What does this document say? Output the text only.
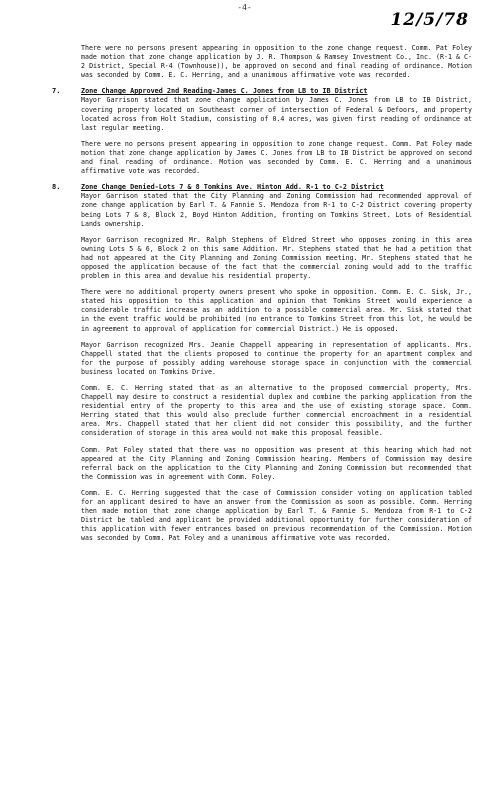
-4-
12/5/78

There were no persons present appearing in opposition to the zone change request. Comm. Pat Foley made motion that zone change application by J. R. Thompson & Ramsey Investment Co., Inc. (R-1 & C-2 District, Special R-4 (Townhouse)), be approved on second and final reading of ordinance. Motion was seconded by Comm. E. C. Herring, and a unanimous affirmative vote was recorded.

7.	Zone Change Approved 2nd Reading-James C. Jones from LB to IB District

Mayor Garrison stated that zone change application by James C. Jones from LB to IB District, covering property located on Southeast corner of intersection of Federal & Defoors, and property located across from Holt Stadium, consisting of 0.4 acres, was given first reading of ordinance at last regular meeting.

There were no persons present appearing in opposition to zone change request. Comm. Pat Foley made motion that zone change application by James C. Jones from LB to IB District be approved on second and final reading of ordinance. Motion was seconded by Comm. E. C. Herring and a unanimous affirmative vote was recorded.

8.	Zone Change Denied-Lots 7 & 8 Tomkins Ave. Hinton Add. R-1 to C-2 District

Mayor Garrison stated that the City Planning and Zoning Commission had recommended approval of zone change application by Earl T. & Fannie S. Mendoza from R-1 to C-2 District covering property being Lots 7 & 8, Block 2, Boyd Hinton Addition, fronting on Tomkins Street. Lots of Residential Lands ownership.

Mayor Garrison recognized Mr. Ralph Stephens of Eldred Street who opposes zoning in this area owning Lots 5 & 6, Block 2 on this same Addition. Mr. Stephens stated that he had a petition that had not appeared at the City Planning and Zoning Commission meeting. Mr. Stephens stated that he opposed the application because of the fact that the commercial zoning would add to the traffic problem in this area and devalue his residential property.

There were no additional property owners present who spoke in opposition. Comm. E. C. Sisk, Jr., stated his opposition to this application and opinion that Tomkins Street would experience a considerable traffic increase as an addition to a possible commercial area. Mr. Sisk stated that in the event traffic would be prohibited (no entrance to Tomkins Street from this lot, he would be in agreement to approval of application for commercial District.) He is opposed.

Mayor Garrison recognized Mrs. Jeanie Chappell appearing in representation of applicants. Mrs. Chappell stated that the clients proposed to continue the property for an apartment complex and for the purpose of possibly adding warehouse storage space in conjunction with the commercial business located on Tomkins Drive.

Comm. E. C. Herring stated that as an alternative to the proposed commercial property, Mrs. Chappell may desire to construct a residential duplex and combine the parking application from the residential entry of the property to this area and the use of existing storage space. Comm. Herring stated that this would also preclude further commercial encroachment in a residential area. Mrs. Chappell stated that her client did not consider this possibility, and the further consideration of storage in this area would not make this proposal feasible.

Comm. Pat Foley stated that there was no opposition was present at this hearing which had not appeared at the City Planning and Zoning Commission hearing. Members of Commission may desire referral back on the application to the City Planning and Zoning Commission but recommended that the Commission was in agreement with Comm. Foley.

Comm. E. C. Herring suggested that the case of Commission consider voting on application tabled for an applicant desired to have an answer from the Commission as soon as possible. Comm. Herring then made motion that zone change application by Earl T. & Fannie S. Mendoza from R-1 to C-2 District be tabled and applicant be provided additional opportunity for further consideration of this application with fewer entrances based on previous recommendation of the Commission. Motion was seconded by Comm. Pat Foley and a unanimous affirmative vote was recorded.
